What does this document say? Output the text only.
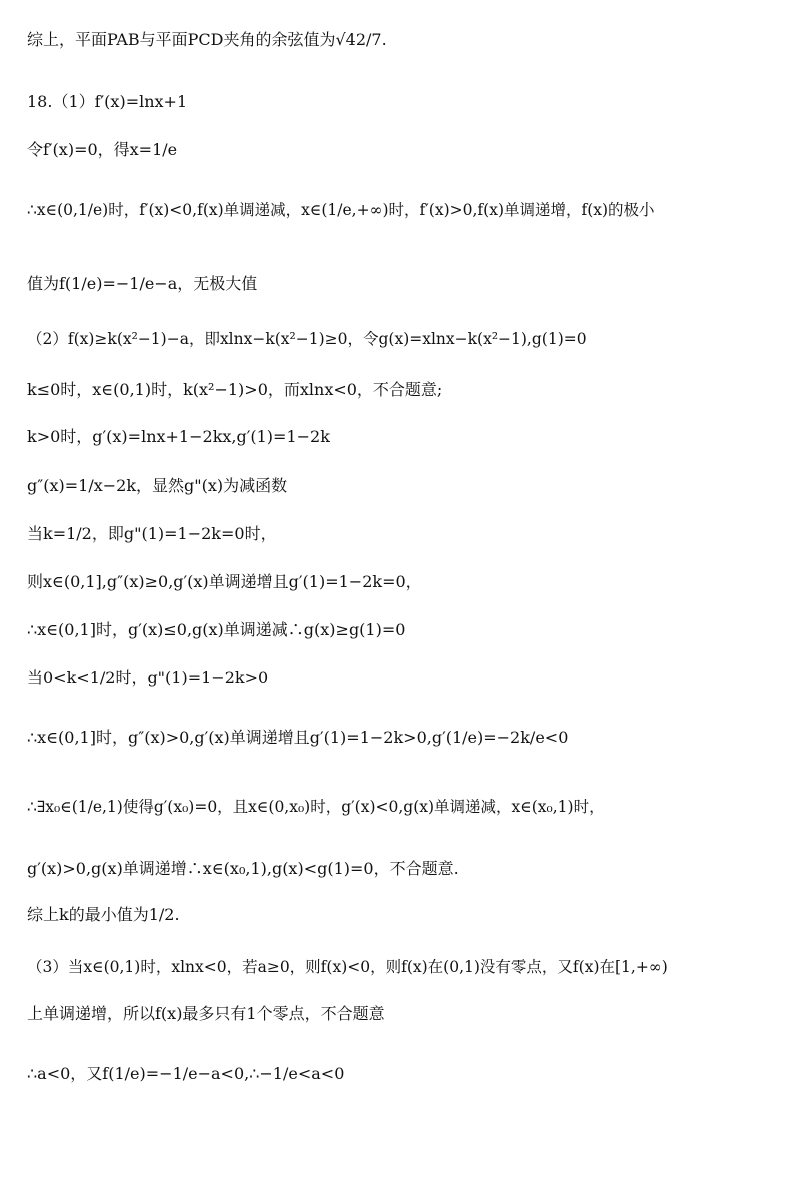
综上，平面PAB与平面PCD夹角的余弦值为√42/7.
18.（1）f′(x)=lnx+1
令f′(x)=0，得x=1/e
∴x∈(0,1/e)时，f′(x)<0,f(x)单调递减，x∈(1/e,+∞)时，f′(x)>0,f(x)单调递增，f(x)的极小
值为f(1/e)=−1/e−a，无极大值
（2）f(x)≥k(x²−1)−a，即xlnx−k(x²−1)≥0，令g(x)=xlnx−k(x²−1),g(1)=0
k≤0时，x∈(0,1)时，k(x²−1)>0，而xlnx<0，不合题意;
k>0时，g′(x)=lnx+1−2kx,g′(1)=1−2k
g″(x)=1/x−2k，显然g"(x)为减函数
当k=1/2，即g"(1)=1−2k=0时，
则x∈(0,1],g″(x)≥0,g′(x)单调递增且g′(1)=1−2k=0，
∴x∈(0,1]时，g′(x)≤0,g(x)单调递减∴g(x)≥g(1)=0
当0<k<1/2时，g"(1)=1−2k>0
∴x∈(0,1]时，g″(x)>0,g′(x)单调递增且g′(1)=1−2k>0,g′(1/e)=−2k/e<0
∴∃x₀∈(1/e,1)使得g′(x₀)=0，且x∈(0,x₀)时，g′(x)<0,g(x)单调递减，x∈(x₀,1)时，
g′(x)>0,g(x)单调递增∴x∈(x₀,1),g(x)<g(1)=0，不合题意.
综上k的最小值为1/2.
（3）当x∈(0,1)时，xlnx<0，若a≥0，则f(x)<0，则f(x)在(0,1)没有零点，又f(x)在[1,+∞)
上单调递增，所以f(x)最多只有1个零点，不合题意
∴a<0，又f(1/e)=−1/e−a<0,∴−1/e<a<0
